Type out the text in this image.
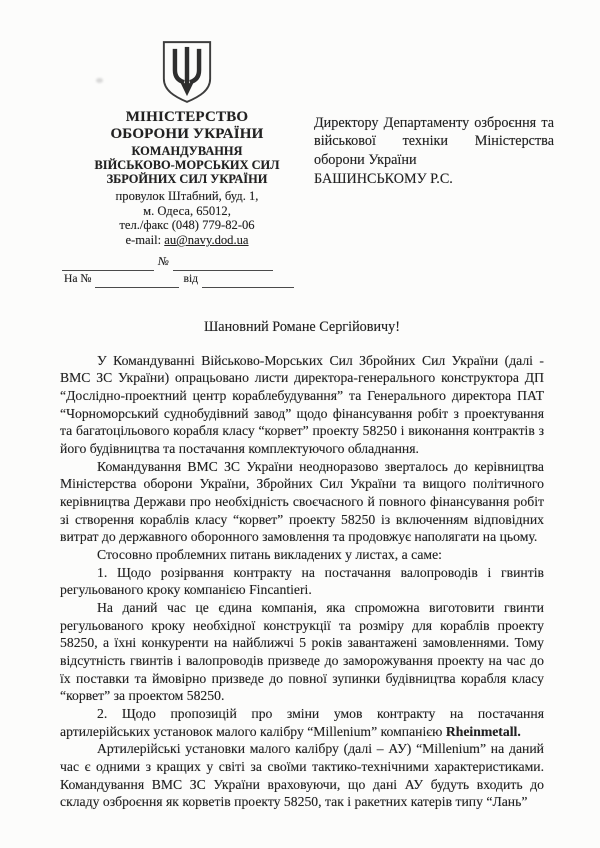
МІНІСТЕРСТВО
ОБОРОНИ УКРАЇНИ
КОМАНДУВАННЯ
ВІЙСЬКОВО-МОРСЬКИХ СИЛ
ЗБРОЙНИХ СИЛ УКРАЇНИ
провулок Штабний, буд. 1,
м. Одеса, 65012,
тел./факс (048) 779-82-06
e-mail: au@navy.dod.ua
№
На №	від
Директору Департаменту озброєння та військової техніки Міністерства оборони України
БАШИНСЬКОМУ Р.С.
Шановний Романе Сергійовичу!

У Командуванні Військово-Морських Сил Збройних Сил України (далі - ВМС ЗС України) опрацьовано листи директора-генерального конструктора ДП “Дослідно-проектний центр кораблебудування” та Генерального директора ПАТ “Чорноморський суднобудівний завод” щодо фінансування робіт з проектування та багатоцільового корабля класу “корвет” проекту 58250 і виконання контрактів з його будівництва та постачання комплектуючого обладнання.

Командування ВМС ЗС України неодноразово зверталось до керівництва Міністерства оборони України, Збройних Сил України та вищого політичного керівництва Держави про необхідність своєчасного й повного фінансування робіт зі створення кораблів класу “корвет” проекту 58250 із включенням відповідних витрат до державного оборонного замовлення та продовжує наполягати на цьому.

Стосовно проблемних питань викладених у листах, а саме:

1. Щодо розірвання контракту на постачання валопроводів і гвинтів регульованого кроку компанією Fincantieri.

На даний час це єдина компанія, яка спроможна виготовити гвинти регульованого кроку необхідної конструкції та розміру для кораблів проекту 58250, а їхні конкуренти на найближчі 5 років завантажені замовленнями. Тому відсутність гвинтів і валопроводів призведе до заморожування проекту на час до їх поставки та ймовірно призведе до повної зупинки будівництва корабля класу “корвет” за проектом 58250.

2. Щодо пропозицій про зміни умов контракту на постачання артилерійських установок малого калібру “Millenium” компанією Rheinmetall.

Артилерійські установки малого калібру (далі – АУ) “Millenium” на даний час є одними з кращих у світі за своїми тактико-технічними характеристиками. Командування ВМС ЗС України враховуючи, що дані АУ будуть входить до складу озброєння як корветів проекту 58250, так і ракетних катерів типу “Лань”
